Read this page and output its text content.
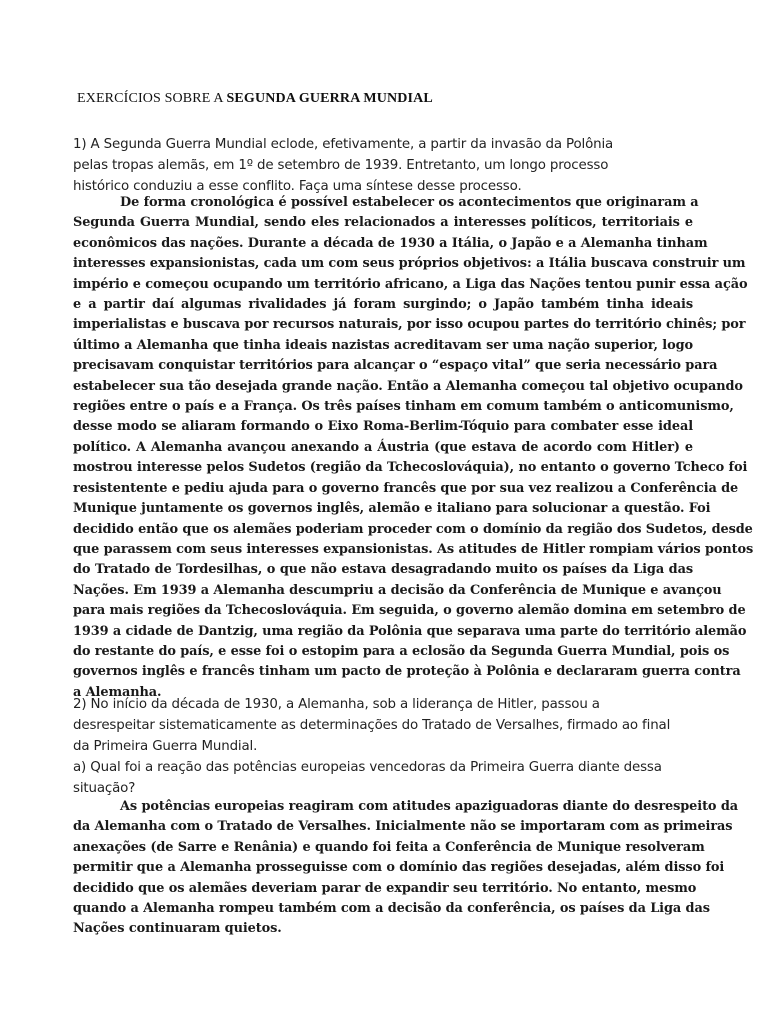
EXERCÍCIOS SOBRE A SEGUNDA GUERRA MUNDIAL
1) A Segunda Guerra Mundial eclode, efetivamente, a partir da invasão da Polônia
pelas tropas alemãs, em 1º de setembro de 1939. Entretanto, um longo processo
histórico conduziu a esse conflito. Faça uma síntese desse processo.
De forma cronológica é possível estabelecer os acontecimentos que originaram a
Segunda Guerra Mundial, sendo eles relacionados a interesses políticos, territoriais e
econômicos das nações. Durante a década de 1930 a Itália, o Japão e a Alemanha tinham
interesses expansionistas, cada um com seus próprios objetivos: a Itália buscava construir um
império e começou ocupando um território africano, a Liga das Nações tentou punir essa ação
e a partir daí algumas rivalidades já foram surgindo; o Japão também tinha ideais
imperialistas e buscava por recursos naturais, por isso ocupou partes do território chinês; por
último a Alemanha que tinha ideais nazistas acreditavam ser uma nação superior, logo
precisavam conquistar territórios para alcançar o “espaço vital” que seria necessário para
estabelecer sua tão desejada grande nação. Então a Alemanha começou tal objetivo ocupando
regiões entre o país e a França. Os três países tinham em comum também o anticomunismo,
desse modo se aliaram formando o Eixo Roma-Berlim-Tóquio para combater esse ideal
político. A Alemanha avançou anexando a Áustria (que estava de acordo com Hitler) e
mostrou interesse pelos Sudetos (região da Tchecoslováquia), no entanto o governo Tcheco foi
resistentente e pediu ajuda para o governo francês que por sua vez realizou a Conferência de
Munique juntamente os governos inglês, alemão e italiano para solucionar a questão. Foi
decidido então que os alemães poderiam proceder com o domínio da região dos Sudetos, desde
que parassem com seus interesses expansionistas. As atitudes de Hitler rompiam vários pontos
do Tratado de Tordesilhas, o que não estava desagradando muito os países da Liga das
Nações. Em 1939 a Alemanha descumpriu a decisão da Conferência de Munique e avançou
para mais regiões da Tchecoslováquia. Em seguida, o governo alemão domina em setembro de
1939 a cidade de Dantzig, uma região da Polônia que separava uma parte do território alemão
do restante do país, e esse foi o estopim para a eclosão da Segunda Guerra Mundial, pois os
governos inglês e francês tinham um pacto de proteção à Polônia e declararam guerra contra
a Alemanha.
2) No início da década de 1930, a Alemanha, sob a liderança de Hitler, passou a
desrespeitar sistematicamente as determinações do Tratado de Versalhes, firmado ao final
da Primeira Guerra Mundial.
a) Qual foi a reação das potências europeias vencedoras da Primeira Guerra diante dessa
situação?
As potências europeias reagiram com atitudes apaziguadoras diante do desrespeito da
da Alemanha com o Tratado de Versalhes. Inicialmente não se importaram com as primeiras
anexações (de Sarre e Renânia) e quando foi feita a Conferência de Munique resolveram
permitir que a Alemanha prosseguisse com o domínio das regiões desejadas, além disso foi
decidido que os alemães deveriam parar de expandir seu território. No entanto, mesmo
quando a Alemanha rompeu também com a decisão da conferência, os países da Liga das
Nações continuaram quietos.
